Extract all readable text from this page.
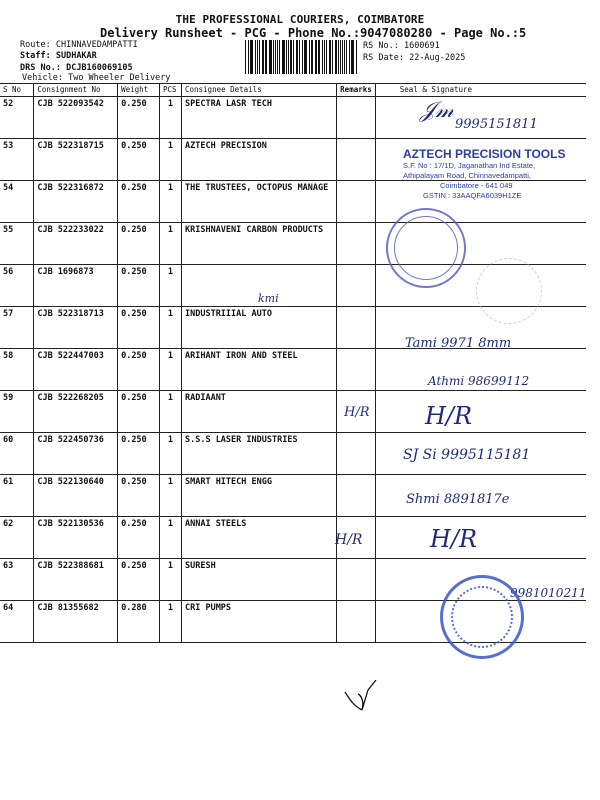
THE PROFESSIONAL COURIERS, COIMBATORE
Delivery Runsheet - PCG - Phone No.:9047080280 - Page No.:5
Route: CHINNAVEDAMPATTI
Staff: SUDHAKAR
DRS No.: DCJB160069105
Vehicle: Two Wheeler Delivery
RS No.: 1600691
RS Date: 22-Aug-2025
S No	Consignment No	Weight	PCS	Consignee Details	Remarks	Seal & Signature
52	CJB 522093542	0.250	1	SPECTRA LASR TECH		
53	CJB 522318715	0.250	1	AZTECH PRECISION		
54	CJB 522316872	0.250	1	THE TRUSTEES, OCTOPUS MANAGE		
55	CJB 522233022	0.250	1	KRISHNAVENI CARBON PRODUCTS		
56	CJB 1696873	0.250	1			
57	CJB 522318713	0.250	1	INDUSTRIIIAL AUTO		
58	CJB 522447003	0.250	1	ARIHANT IRON AND STEEL		
59	CJB 522268205	0.250	1	RADIAANT		
60	CJB 522450736	0.250	1	S.S.S LASER INDUSTRIES		
61	CJB 522130640	0.250	1	SMART HITECH ENGG		
62	CJB 522130536	0.250	1	ANNAI STEELS		
63	CJB 522388681	0.250	1	SURESH		
64	CJB 81355682	0.280	1	CRI PUMPS		
9995151811
𝒥𝓂
kmi
Tami 9971 8mm
Athmi 98699112
H/R H/R
SJ Si 9995115181
Shmi 8891817e
H/R	H/R
9981010211
AZTECH PRECISION TOOLS
S.F. No : 17/1D, Jaganathan Ind Estate,
Athipalayam Road, Chinnavedampatti,
Coimbatore - 641 049
GSTIN : 33AAQFA6039H1ZE
